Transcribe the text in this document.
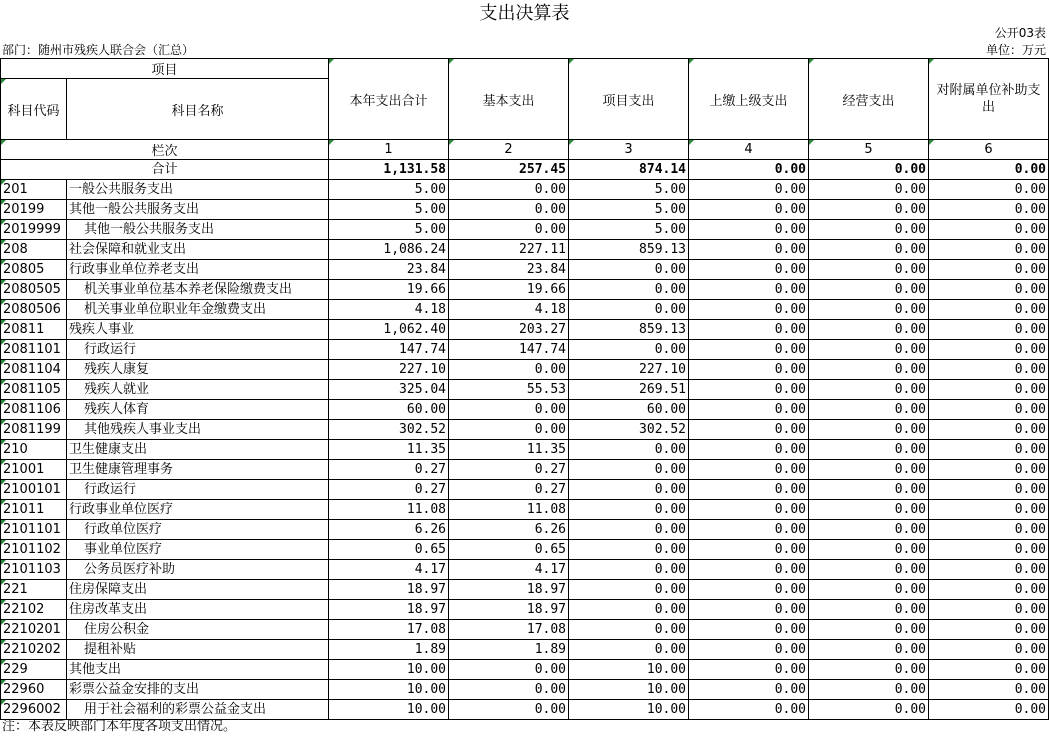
支出决算表
公开03表
部门：随州市残疾人联合会（汇总）	单位：万元
项目		本年支出合计	基本支出	项目支出	上缴上级支出	经营支出	对附属单位补助支出
科目代码	科目名称						

栏次		1	2	3	4	5	6
合计		1,131.58	257.45	874.14	0.00	0.00	0.00
201	一般公共服务支出	5.00	0.00	5.00	0.00	0.00	0.00
20199	其他一般公共服务支出	5.00	0.00	5.00	0.00	0.00	0.00
2019999	其他一般公共服务支出	5.00	0.00	5.00	0.00	0.00	0.00
208	社会保障和就业支出	1,086.24	227.11	859.13	0.00	0.00	0.00
20805	行政事业单位养老支出	23.84	23.84	0.00	0.00	0.00	0.00
2080505	机关事业单位基本养老保险缴费支出	19.66	19.66	0.00	0.00	0.00	0.00
2080506	机关事业单位职业年金缴费支出	4.18	4.18	0.00	0.00	0.00	0.00
20811	残疾人事业	1,062.40	203.27	859.13	0.00	0.00	0.00
2081101	行政运行	147.74	147.74	0.00	0.00	0.00	0.00
2081104	残疾人康复	227.10	0.00	227.10	0.00	0.00	0.00
2081105	残疾人就业	325.04	55.53	269.51	0.00	0.00	0.00
2081106	残疾人体育	60.00	0.00	60.00	0.00	0.00	0.00
2081199	其他残疾人事业支出	302.52	0.00	302.52	0.00	0.00	0.00
210	卫生健康支出	11.35	11.35	0.00	0.00	0.00	0.00
21001	卫生健康管理事务	0.27	0.27	0.00	0.00	0.00	0.00
2100101	行政运行	0.27	0.27	0.00	0.00	0.00	0.00
21011	行政事业单位医疗	11.08	11.08	0.00	0.00	0.00	0.00
2101101	行政单位医疗	6.26	6.26	0.00	0.00	0.00	0.00
2101102	事业单位医疗	0.65	0.65	0.00	0.00	0.00	0.00
2101103	公务员医疗补助	4.17	4.17	0.00	0.00	0.00	0.00
221	住房保障支出	18.97	18.97	0.00	0.00	0.00	0.00
22102	住房改革支出	18.97	18.97	0.00	0.00	0.00	0.00
2210201	住房公积金	17.08	17.08	0.00	0.00	0.00	0.00
2210202	提租补贴	1.89	1.89	0.00	0.00	0.00	0.00
229	其他支出	10.00	0.00	10.00	0.00	0.00	0.00
22960	彩票公益金安排的支出	10.00	0.00	10.00	0.00	0.00	0.00
2296002	用于社会福利的彩票公益金支出	10.00	0.00	10.00	0.00	0.00	0.00
注：本表反映部门本年度各项支出情况。
